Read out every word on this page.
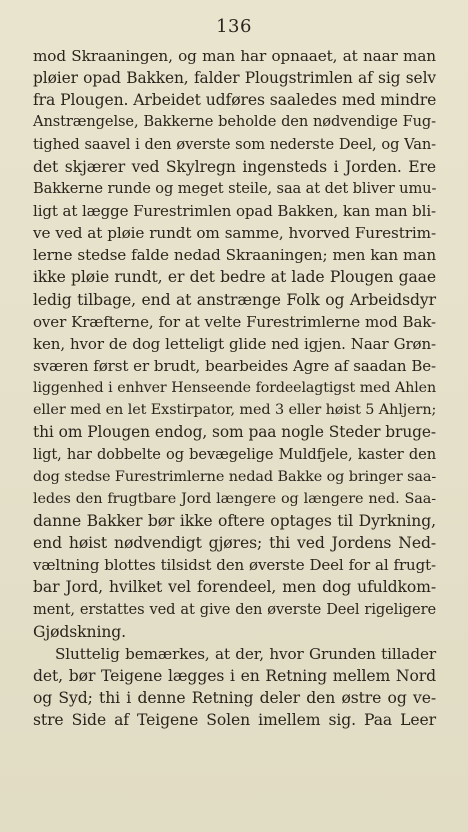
136
mod Skraaningen, og man har opnaaet, at naar man
pløier opad Bakken, falder Plougstrimlen af sig selv
fra Plougen. Arbeidet udføres saaledes med mindre
Anstrængelse, Bakkerne beholde den nødvendige Fug-
tighed saavel i den øverste som nederste Deel, og Van-
det skjærer ved Skylregn ingensteds i Jorden. Ere
Bakkerne runde og meget steile, saa at det bliver umu-
ligt at lægge Furestrimlen opad Bakken, kan man bli-
ve ved at pløie rundt om samme, hvorved Furestrim-
lerne stedse falde nedad Skraaningen; men kan man
ikke pløie rundt, er det bedre at lade Plougen gaae
ledig tilbage, end at anstrænge Folk og Arbeidsdyr
over Kræfterne, for at velte Furestrimlerne mod Bak-
ken, hvor de dog letteligt glide ned igjen. Naar Grøn-
sværen først er brudt, bearbeides Agre af saadan Be-
liggenhed i enhver Henseende fordeelagtigst med Ahlen
eller med en let Exstirpator, med 3 eller høist 5 Ahljern;
thi om Plougen endog, som paa nogle Steder bruge-
ligt, har dobbelte og bevægelige Muldfjele, kaster den
dog stedse Furestrimlerne nedad Bakke og bringer saa-
ledes den frugtbare Jord længere og længere ned. Saa-
danne Bakker bør ikke oftere optages til Dyrkning,
end høist nødvendigt gjøres; thi ved Jordens Ned-
væltning blottes tilsidst den øverste Deel for al frugt-
bar Jord, hvilket vel forendeel, men dog ufuldkom-
ment, erstattes ved at give den øverste Deel rigeligere
Gjødskning.
Sluttelig bemærkes, at der, hvor Grunden tillader
det, bør Teigene lægges i en Retning mellem Nord
og Syd; thi i denne Retning deler den østre og ve-
stre Side af Teigene Solen imellem sig. Paa Leer
